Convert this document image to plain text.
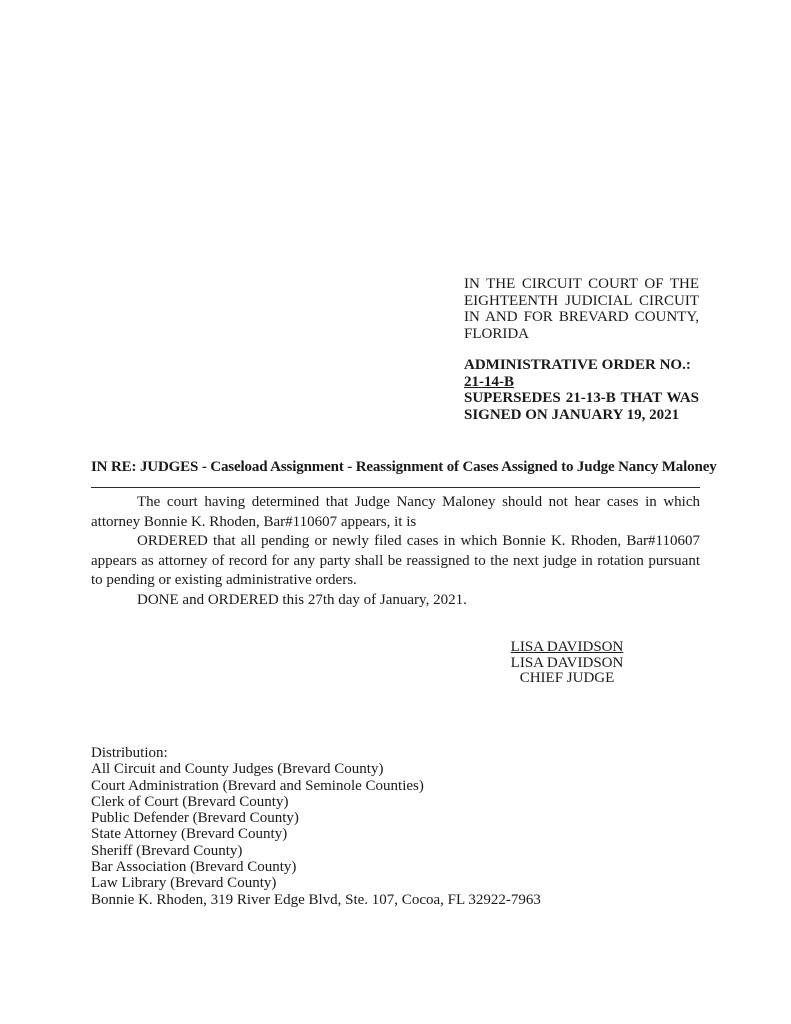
IN THE CIRCUIT COURT OF THE
EIGHTEENTH JUDICIAL CIRCUIT
IN AND FOR BREVARD COUNTY,
FLORIDA
ADMINISTRATIVE ORDER NO.:
21-14-B
SUPERSEDES 21-13-B THAT WAS
SIGNED ON JANUARY 19, 2021
IN RE: JUDGES - Caseload Assignment - Reassignment of Cases Assigned to Judge Nancy Maloney

The court having determined that Judge Nancy Maloney should not hear cases in which attorney Bonnie K. Rhoden, Bar#110607 appears, it is

ORDERED that all pending or newly filed cases in which Bonnie K. Rhoden, Bar#110607 appears as attorney of record for any party shall be reassigned to the next judge in rotation pursuant to pending or existing administrative orders.

DONE and ORDERED this 27th day of January, 2021.

LISA DAVIDSON
LISA DAVIDSON
CHIEF JUDGE
Distribution:
All Circuit and County Judges (Brevard County)
Court Administration (Brevard and Seminole Counties)
Clerk of Court (Brevard County)
Public Defender (Brevard County)
State Attorney (Brevard County)
Sheriff (Brevard County)
Bar Association (Brevard County)
Law Library (Brevard County)
Bonnie K. Rhoden, 319 River Edge Blvd, Ste. 107, Cocoa, FL 32922-7963
